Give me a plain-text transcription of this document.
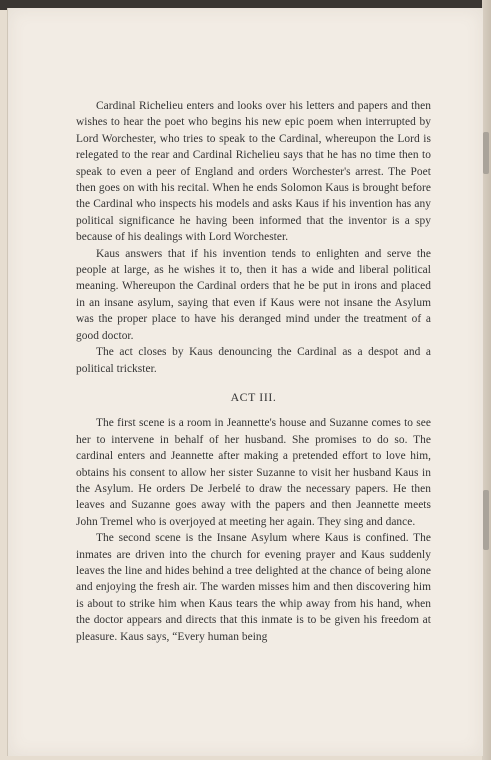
Cardinal Richelieu enters and looks over his letters and papers and then wishes to hear the poet who begins his new epic poem when interrupted by Lord Worchester, who tries to speak to the Cardinal, whereupon the Lord is relegated to the rear and Cardinal Richelieu says that he has no time then to speak to even a peer of England and orders Worchester's arrest. The Poet then goes on with his recital. When he ends Solomon Kaus is brought before the Cardinal who inspects his models and asks Kaus if his invention has any political significance he having been informed that the inventor is a spy because of his dealings with Lord Worchester.

Kaus answers that if his invention tends to enlighten and serve the people at large, as he wishes it to, then it has a wide and liberal political meaning. Whereupon the Cardinal orders that he be put in irons and placed in an insane asylum, saying that even if Kaus were not insane the Asylum was the proper place to have his deranged mind under the treatment of a good doctor.

The act closes by Kaus denouncing the Cardinal as a despot and a political trickster.

ACT III.

The first scene is a room in Jeannette's house and Suzanne comes to see her to intervene in behalf of her husband. She promises to do so. The cardinal enters and Jeannette after making a pretended effort to love him, obtains his consent to allow her sister Suzanne to visit her husband Kaus in the Asylum. He orders De Jerbelé to draw the necessary papers. He then leaves and Suzanne goes away with the papers and then Jeannette meets John Tremel who is overjoyed at meeting her again. They sing and dance.

The second scene is the Insane Asylum where Kaus is confined. The inmates are driven into the church for evening prayer and Kaus suddenly leaves the line and hides behind a tree delighted at the chance of being alone and enjoying the fresh air. The warden misses him and then discovering him is about to strike him when Kaus tears the whip away from his hand, when the doctor appears and directs that this inmate is to be given his freedom at pleasure. Kaus says, “Every human being
